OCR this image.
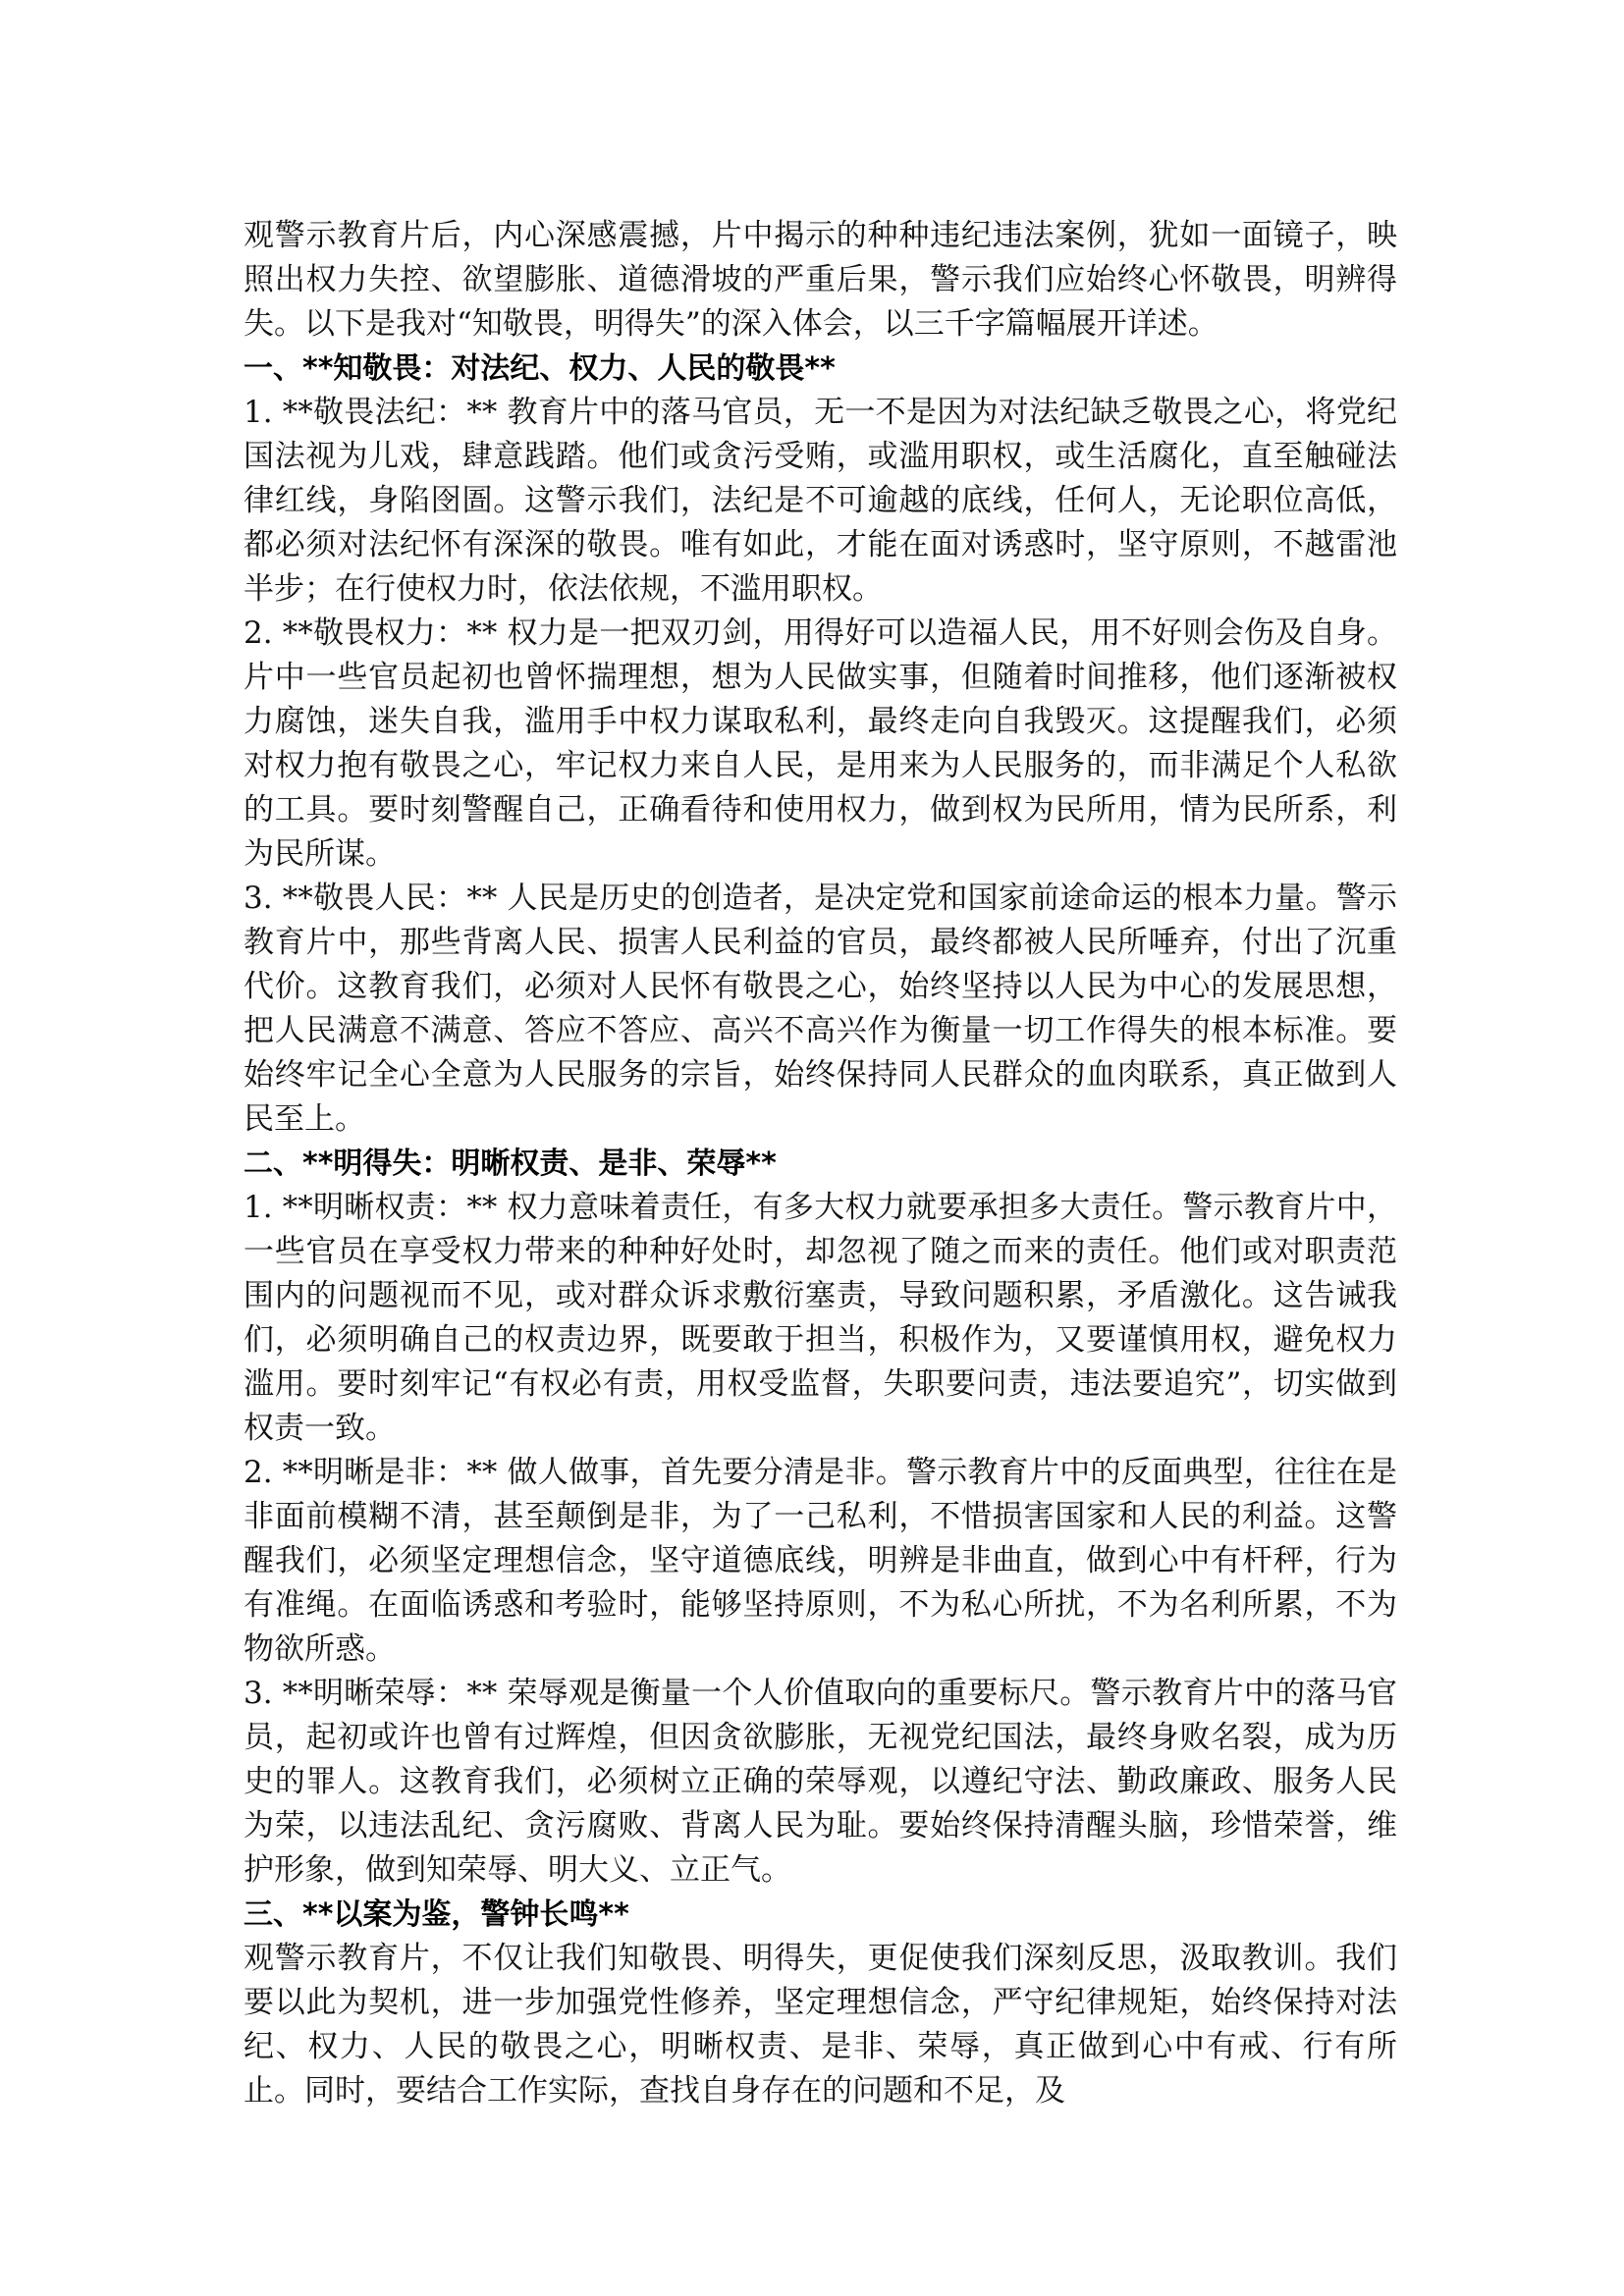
观警示教育片后，内心深感震撼，片中揭示的种种违纪违法案例，犹如一面镜子，映照出权力失控、欲望膨胀、道德滑坡的严重后果，警示我们应始终心怀敬畏，明辨得失。以下是我对“知敬畏，明得失”的深入体会，以三千字篇幅展开详述。

一、**知敬畏：对法纪、权力、人民的敬畏**

1. **敬畏法纪：** 教育片中的落马官员，无一不是因为对法纪缺乏敬畏之心，将党纪国法视为儿戏，肆意践踏。他们或贪污受贿，或滥用职权，或生活腐化，直至触碰法律红线，身陷囹圄。这警示我们，法纪是不可逾越的底线，任何人，无论职位高低，都必须对法纪怀有深深的敬畏。唯有如此，才能在面对诱惑时，坚守原则，不越雷池半步；在行使权力时，依法依规，不滥用职权。

2. **敬畏权力：** 权力是一把双刃剑，用得好可以造福人民，用不好则会伤及自身。片中一些官员起初也曾怀揣理想，想为人民做实事，但随着时间推移，他们逐渐被权力腐蚀，迷失自我，滥用手中权力谋取私利，最终走向自我毁灭。这提醒我们，必须对权力抱有敬畏之心，牢记权力来自人民，是用来为人民服务的，而非满足个人私欲的工具。要时刻警醒自己，正确看待和使用权力，做到权为民所用，情为民所系，利为民所谋。

3. **敬畏人民：** 人民是历史的创造者，是决定党和国家前途命运的根本力量。警示教育片中，那些背离人民、损害人民利益的官员，最终都被人民所唾弃，付出了沉重代价。这教育我们，必须对人民怀有敬畏之心，始终坚持以人民为中心的发展思想，把人民满意不满意、答应不答应、高兴不高兴作为衡量一切工作得失的根本标准。要始终牢记全心全意为人民服务的宗旨，始终保持同人民群众的血肉联系，真正做到人民至上。

二、**明得失：明晰权责、是非、荣辱**

1. **明晰权责：** 权力意味着责任，有多大权力就要承担多大责任。警示教育片中，一些官员在享受权力带来的种种好处时，却忽视了随之而来的责任。他们或对职责范围内的问题视而不见，或对群众诉求敷衍塞责，导致问题积累，矛盾激化。这告诫我们，必须明确自己的权责边界，既要敢于担当，积极作为，又要谨慎用权，避免权力滥用。要时刻牢记“有权必有责，用权受监督，失职要问责，违法要追究”，切实做到权责一致。

2. **明晰是非：** 做人做事，首先要分清是非。警示教育片中的反面典型，往往在是非面前模糊不清，甚至颠倒是非，为了一己私利，不惜损害国家和人民的利益。这警醒我们，必须坚定理想信念，坚守道德底线，明辨是非曲直，做到心中有杆秤，行为有准绳。在面临诱惑和考验时，能够坚持原则，不为私心所扰，不为名利所累，不为物欲所惑。

3. **明晰荣辱：** 荣辱观是衡量一个人价值取向的重要标尺。警示教育片中的落马官员，起初或许也曾有过辉煌，但因贪欲膨胀，无视党纪国法，最终身败名裂，成为历史的罪人。这教育我们，必须树立正确的荣辱观，以遵纪守法、勤政廉政、服务人民为荣，以违法乱纪、贪污腐败、背离人民为耻。要始终保持清醒头脑，珍惜荣誉，维护形象，做到知荣辱、明大义、立正气。

三、**以案为鉴，警钟长鸣**

观警示教育片，不仅让我们知敬畏、明得失，更促使我们深刻反思，汲取教训。我们要以此为契机，进一步加强党性修养，坚定理想信念，严守纪律规矩，始终保持对法纪、权力、人民的敬畏之心，明晰权责、是非、荣辱，真正做到心中有戒、行有所止。同时，要结合工作实际，查找自身存在的问题和不足，及
